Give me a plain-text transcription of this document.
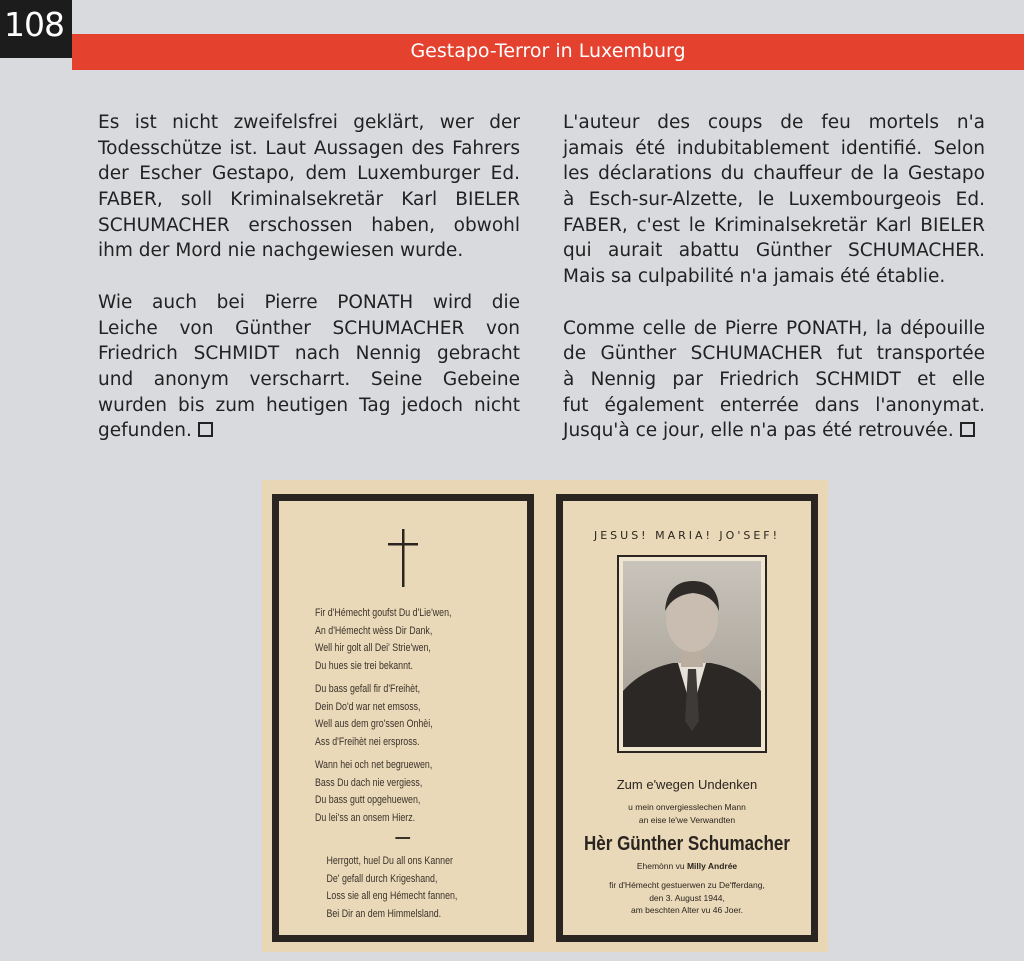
108
Gestapo-Terror in Luxemburg
Es ist nicht zweifelsfrei geklärt, wer der
Todesschütze ist. Laut Aussagen des Fahrers
der Escher Gestapo, dem Luxemburger Ed.
FABER, soll Kriminalsekretär Karl BIELER
SCHUMACHER erschossen haben, obwohl
ihm der Mord nie nachgewiesen wurde.
Wie auch bei Pierre PONATH wird die
Leiche von Günther SCHUMACHER von
Friedrich SCHMIDT nach Nennig gebracht
und anonym verscharrt. Seine Gebeine
wurden bis zum heutigen Tag jedoch nicht
gefunden.
L'auteur des coups de feu mortels n'a
jamais été indubitablement identifié. Selon
les déclarations du chauffeur de la Gestapo
à Esch-sur-Alzette, le Luxembourgeois Ed.
FABER, c'est le Kriminalsekretär Karl BIELER
qui aurait abattu Günther SCHUMACHER.
Mais sa culpabilité n'a jamais été établie.
Comme celle de Pierre PONATH, la dépouille
de Günther SCHUMACHER fut transportée
à Nennig par Friedrich SCHMIDT et elle
fut également enterrée dans l'anonymat.
Jusqu'à ce jour, elle n'a pas été retrouvée.
Fir d'Hémecht goufst Du d'Lie'wen,
An d'Hémecht wèss Dir Dank,
Well hir golt all Dei' Strie'wen,
Du hues sie trei bekannt.
Du bass gefall fir d'Freihèt,
Dein Do'd war net emsoss,
Well aus dem gro'ssen Onhèi,
Ass d'Freihèt nei erspross.
Wann hei och net begruewen,
Bass Du dach nie vergiess,
Du bass gutt opgehuewen,
Du lei'ss an onsem Hierz.
Herrgott, huel Du all ons Kanner
De' gefall durch Krigeshand,
Loss sie all eng Hémecht fannen,
Bei Dir an dem Himmelsland.
JESUS! MARIA! JO'SEF!
Zum e'wegen Undenken
u mein onvergiesslechen Mann
an eise le'we Verwandten
Hèr Günther Schumacher
Ehemònn vu Milly Andrée
fir d'Hémecht gestuerwen zu De'fferdang,
den 3. August 1944,
am beschten Alter vu 46 Joer.
